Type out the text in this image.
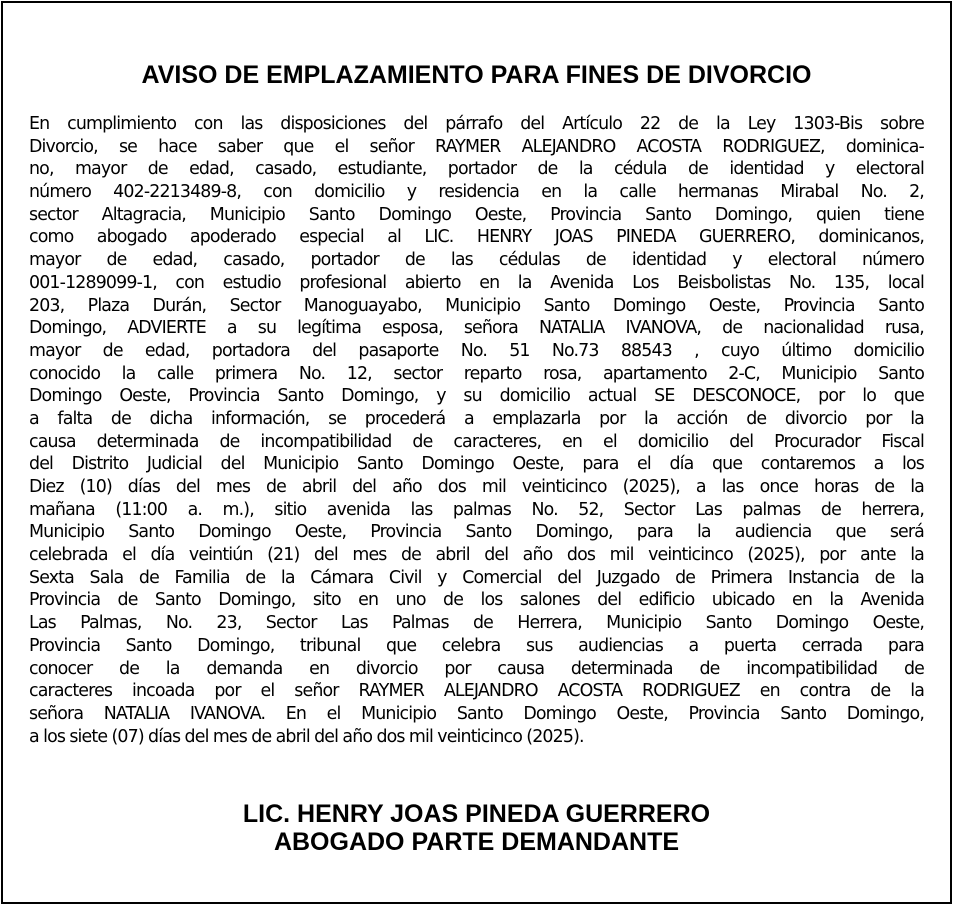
AVISO DE EMPLAZAMIENTO PARA FINES DE DIVORCIO
En cumplimiento con las disposiciones del párrafo del Artículo 22 de la Ley 1303-Bis sobre
Divorcio, se hace saber que el señor RAYMER ALEJANDRO ACOSTA RODRIGUEZ, dominica-
no, mayor de edad, casado, estudiante, portador de la cédula de identidad y electoral
número 402-2213489-8, con domicilio y residencia en la calle hermanas Mirabal No. 2,
sector Altagracia, Municipio Santo Domingo Oeste, Provincia Santo Domingo, quien tiene
como abogado apoderado especial al LIC. HENRY JOAS PINEDA GUERRERO, dominicanos,
mayor de edad, casado, portador de las cédulas de identidad y electoral número
001-1289099-1, con estudio profesional abierto en la Avenida Los Beisbolistas No. 135, local
203, Plaza Durán, Sector Manoguayabo, Municipio Santo Domingo Oeste, Provincia Santo
Domingo, ADVIERTE a su legítima esposa, señora NATALIA IVANOVA, de nacionalidad rusa,
mayor de edad, portadora del pasaporte No. 51 No.73 88543 , cuyo último domicilio
conocido la calle primera No. 12, sector reparto rosa, apartamento 2-C, Municipio Santo
Domingo Oeste, Provincia Santo Domingo, y su domicilio actual SE DESCONOCE, por lo que
a falta de dicha información, se procederá a emplazarla por la acción de divorcio por la
causa determinada de incompatibilidad de caracteres, en el domicilio del Procurador Fiscal
del Distrito Judicial del Municipio Santo Domingo Oeste, para el día que contaremos a los
Diez (10) días del mes de abril del año dos mil veinticinco (2025), a las once horas de la
mañana (11:00 a. m.), sitio avenida las palmas No. 52, Sector Las palmas de herrera,
Municipio Santo Domingo Oeste, Provincia Santo Domingo, para la audiencia que será
celebrada el día veintiún (21) del mes de abril del año dos mil veinticinco (2025), por ante la
Sexta Sala de Familia de la Cámara Civil y Comercial del Juzgado de Primera Instancia de la
Provincia de Santo Domingo, sito en uno de los salones del edificio ubicado en la Avenida
Las Palmas, No. 23, Sector Las Palmas de Herrera, Municipio Santo Domingo Oeste,
Provincia Santo Domingo, tribunal que celebra sus audiencias a puerta cerrada para
conocer de la demanda en divorcio por causa determinada de incompatibilidad de
caracteres incoada por el señor RAYMER ALEJANDRO ACOSTA RODRIGUEZ en contra de la
señora NATALIA IVANOVA. En el Municipio Santo Domingo Oeste, Provincia Santo Domingo,
a los siete (07) días del mes de abril del año dos mil veinticinco (2025).
LIC. HENRY JOAS PINEDA GUERRERO
ABOGADO PARTE DEMANDANTE
